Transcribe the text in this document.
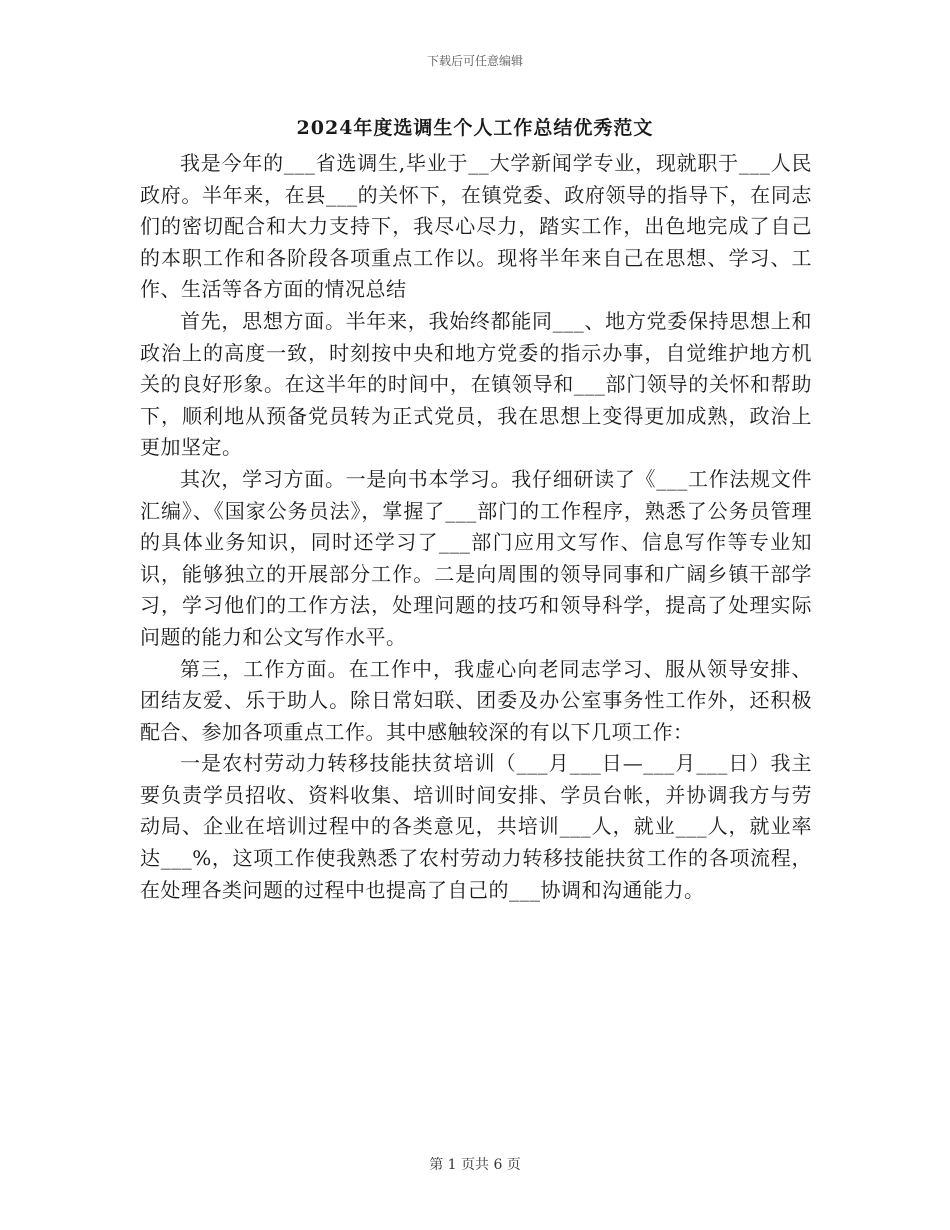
下载后可任意编辑
2024年度选调生个人工作总结优秀范文

我是今年的___省选调生,毕业于__大学新闻学专业，现就职于___人民政府。半年来，在县___的关怀下，在镇党委、政府领导的指导下，在同志们的密切配合和大力支持下，我尽心尽力，踏实工作，出色地完成了自己的本职工作和各阶段各项重点工作以。现将半年来自己在思想、学习、工作、生活等各方面的情况总结

首先，思想方面。半年来，我始终都能同___、地方党委保持思想上和政治上的高度一致，时刻按中央和地方党委的指示办事，自觉维护地方机关的良好形象。在这半年的时间中，在镇领导和___部门领导的关怀和帮助下，顺利地从预备党员转为正式党员，我在思想上变得更加成熟，政治上更加坚定。

其次，学习方面。一是向书本学习。我仔细研读了《___工作法规文件汇编》、《国家公务员法》，掌握了___部门的工作程序，熟悉了公务员管理的具体业务知识，同时还学习了___部门应用文写作、信息写作等专业知识，能够独立的开展部分工作。二是向周围的领导同事和广阔乡镇干部学习，学习他们的工作方法，处理问题的技巧和领导科学，提高了处理实际问题的能力和公文写作水平。

第三，工作方面。在工作中，我虚心向老同志学习、服从领导安排、团结友爱、乐于助人。除日常妇联、团委及办公室事务性工作外，还积极配合、参加各项重点工作。其中感触较深的有以下几项工作：

一是农村劳动力转移技能扶贫培训（___月___日—___月___日）我主要负责学员招收、资料收集、培训时间安排、学员台帐，并协调我方与劳动局、企业在培训过程中的各类意见，共培训___人，就业___人，就业率达___%，这项工作使我熟悉了农村劳动力转移技能扶贫工作的各项流程，在处理各类问题的过程中也提高了自己的___协调和沟通能力。

第 1 页共 6 页
